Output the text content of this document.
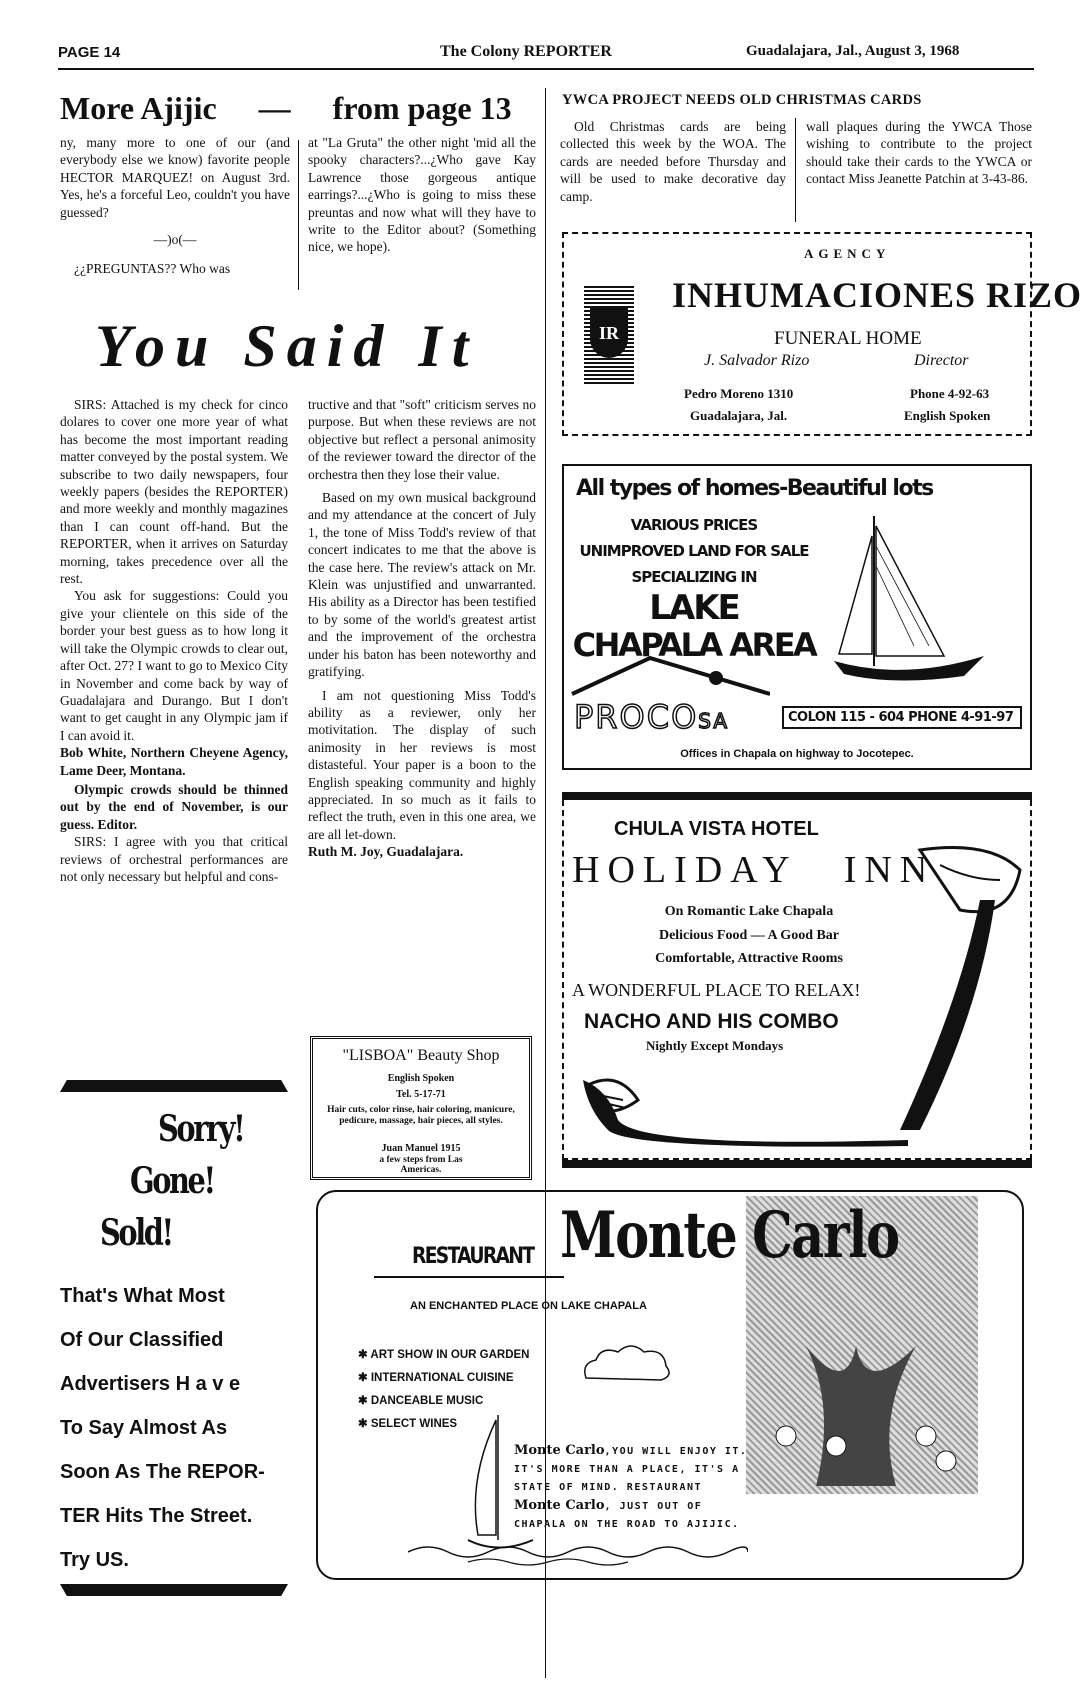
PAGE 14	The Colony REPORTER	Guadalajara, Jal., August 3, 1968
More Ajijic — from page 13
ny, many more to one of our (and everybody else we know) favorite people HECTOR MARQUEZ! on August 3rd. Yes, he's a forceful Leo, couldn't you have guessed?
—)o(—
¿¿PREGUNTAS?? Who was
at "La Gruta" the other night 'mid all the spooky characters?...¿Who gave Kay Lawrence those gorgeous antique earrings?...¿Who is going to miss these preuntas and now what will they have to write to the Editor about? (Something nice, we hope).
You Said It

SIRS: Attached is my check for cinco dolares to cover one more year of what has become the most important reading matter conveyed by the postal system. We subscribe to two daily newspapers, four weekly papers (besides the REPORTER) and more weekly and monthly magazines than I can count off-hand. But the REPORTER, when it arrives on Saturday morning, takes precedence over all the rest.

You ask for suggestions: Could you give your clientele on this side of the border your best guess as to how long it will take the Olympic crowds to clear out, after Oct. 27? I want to go to Mexico City in November and come back by way of Guadalajara and Durango. But I don't want to get caught in any Olympic jam if I can avoid it.

Bob White, Northern Cheyene Agency, Lame Deer, Montana.

Olympic crowds should be thinned out by the end of November, is our guess. Editor.

SIRS: I agree with you that critical reviews of orchestral performances are not only necessary but helpful and cons-

tructive and that "soft" criticism serves no purpose. But when these reviews are not objective but reflect a personal animosity of the reviewer toward the director of the orchestra then they lose their value.

Based on my own musical background and my attendance at the concert of July 1, the tone of Miss Todd's review of that concert indicates to me that the above is the case here. The review's attack on Mr. Klein was unjustified and unwarranted. His ability as a Director has been testified to by some of the world's greatest artist and the improvement of the orchestra under his baton has been noteworthy and gratifying.

I am not questioning Miss Todd's ability as a reviewer, only her motivitation. The display of such animosity in her reviews is most distasteful. Your paper is a boon to the English speaking community and highly appreciated. In so much as it fails to reflect the truth, even in this one area, we are all let-down.

Ruth M. Joy, Guadalajara.
YWCA PROJECT NEEDS OLD CHRISTMAS CARDS
Old Christmas cards are being collected this week by the WOA. The cards are needed before Thursday and will be used to make decorative day camp.
wall plaques during the YWCA Those wishing to contribute to the project should take their cards to the YWCA or contact Miss Jeanette Patchin at 3-43-86.
AGENCY
IR
INHUMACIONES RIZO
FUNERAL HOME
J. Salvador Rizo	Director
Pedro Moreno 1310	Phone 4-92-63
Guadalajara, Jal.	English Spoken
All types of homes-Beautiful lots
VARIOUS PRICES
UNIMPROVED LAND FOR SALE
SPECIALIZING IN
LAKE
CHAPALA AREA
PROCOSA	COLON 115 - 604 PHONE 4-91-97
Offices in Chapala on highway to Jocotepec.
CHULA VISTA HOTEL
HOLIDAY INN
On Romantic Lake Chapala
Delicious Food — A Good Bar
Comfortable, Attractive Rooms
A WONDERFUL PLACE TO RELAX!
NACHO AND HIS COMBO
Nightly Except Mondays
"LISBOA" Beauty Shop
English Spoken
Tel. 5-17-71
Hair cuts, color rinse, hair coloring, manicure, pedicure, massage, hair pieces, all styles.
Juan Manuel 1915
a few steps from Las Americas.
Sorry!
Gone!
Sold!
That's What Most
Of Our Classified
Advertisers H a v e
To Say Almost As
Soon As The REPOR-
TER Hits The Street.
Try US.
RESTAURANT Monte Carlo
AN ENCHANTED PLACE ON LAKE CHAPALA
✱ ART SHOW IN OUR GARDEN
✱ INTERNATIONAL CUISINE
✱ DANCEABLE MUSIC
✱ SELECT WINES
Monte Carlo,YOU WILL ENJOY IT.
IT'S MORE THAN A PLACE, IT'S A
STATE OF MIND. RESTAURANT
Monte Carlo, JUST OUT OF
CHAPALA ON THE ROAD TO AJIJIC.
